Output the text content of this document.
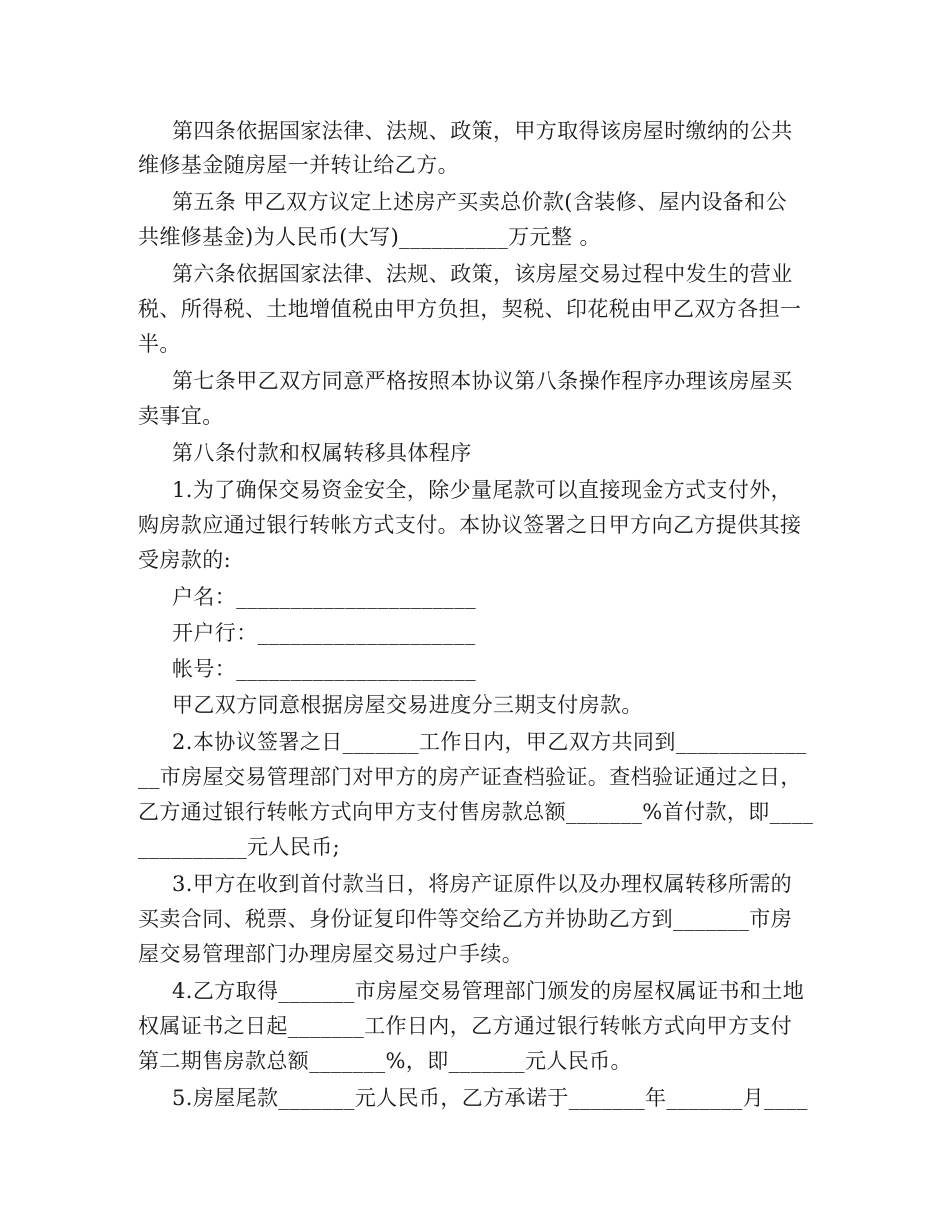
第四条依据国家法律、法规、政策，甲方取得该房屋时缴纳的公共
维修基金随房屋一并转让给乙方。
第五条 甲乙双方议定上述房产买卖总价款(含装修、屋内设备和公
共维修基金)为人民币(大写)__________万元整 。
第六条依据国家法律、法规、政策，该房屋交易过程中发生的营业
税、所得税、土地增值税由甲方负担，契税、印花税由甲乙双方各担一
半。
第七条甲乙双方同意严格按照本协议第八条操作程序办理该房屋买
卖事宜。
第八条付款和权属转移具体程序
1.为了确保交易资金安全，除少量尾款可以直接现金方式支付外，
购房款应通过银行转帐方式支付。本协议签署之日甲方向乙方提供其接
受房款的:
户名：______________________
开户行：____________________
帐号：______________________
甲乙双方同意根据房屋交易进度分三期支付房款。
2.本协议签署之日_______工作日内，甲乙双方共同到____________
__市房屋交易管理部门对甲方的房产证查档验证。查档验证通过之日，
乙方通过银行转帐方式向甲方支付售房款总额_______%首付款，即____
__________元人民币;
3.甲方在收到首付款当日，将房产证原件以及办理权属转移所需的
买卖合同、税票、身份证复印件等交给乙方并协助乙方到_______市房
屋交易管理部门办理房屋交易过户手续。
4.乙方取得_______市房屋交易管理部门颁发的房屋权属证书和土地
权属证书之日起_______工作日内，乙方通过银行转帐方式向甲方支付
第二期售房款总额_______%，即_______元人民币。
5.房屋尾款_______元人民币，乙方承诺于_______年_______月____
